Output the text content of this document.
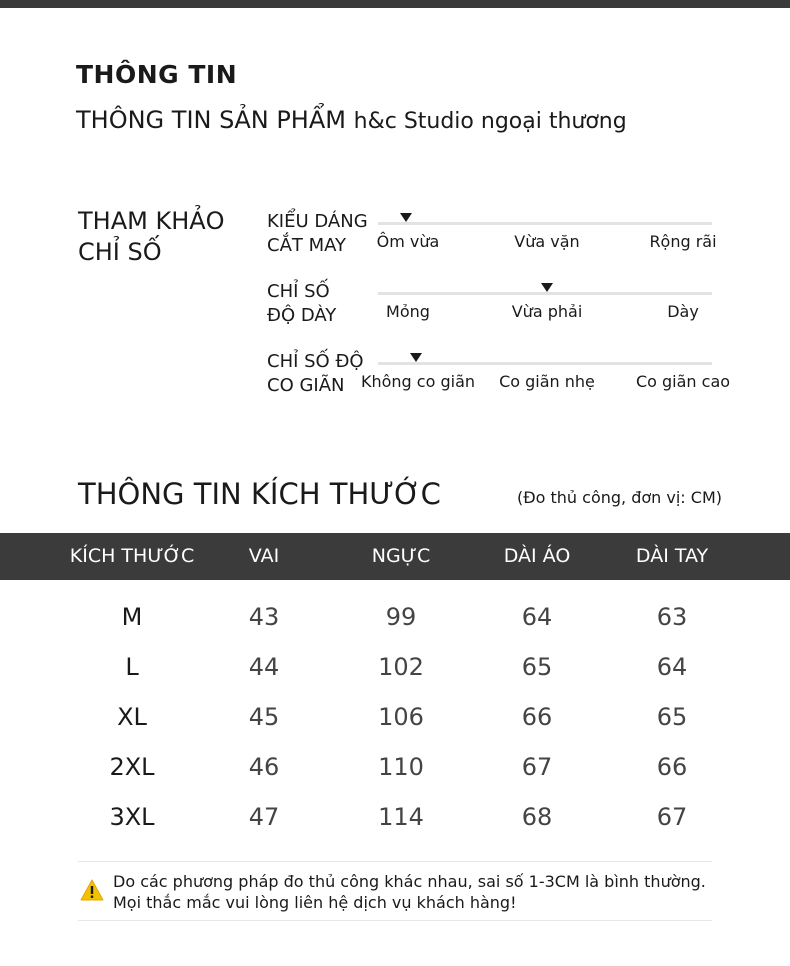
THÔNG TIN
THÔNG TIN SẢN PHẨM h&c Studio ngoại thương
THAM KHẢO
CHỈ SỐ
KIỂU DÁNG
CẮT MAY	Ôm vừa	Vừa vặn	Rộng rãi
CHỈ SỐ
ĐỘ DÀY	Mỏng	Vừa phải	Dày
CHỈ SỐ ĐỘ
CO GIÃN	Không co giãn Co giãn nhẹ	Co giãn cao
THÔNG TIN KÍCH THƯỚC	(Đo thủ công, đơn vị: CM)
KÍCH THƯỚC	VAI	NGỰC	DÀI ÁO	DÀI TAY
M	43	99	64	63
L	44	102	65	64
XL	45	106	66	65
2XL	46	110	67	66
3XL	47	114	68	67
Do các phương pháp đo thủ công khác nhau, sai số 1-3CM là bình thường.
Mọi thắc mắc vui lòng liên hệ dịch vụ khách hàng!
